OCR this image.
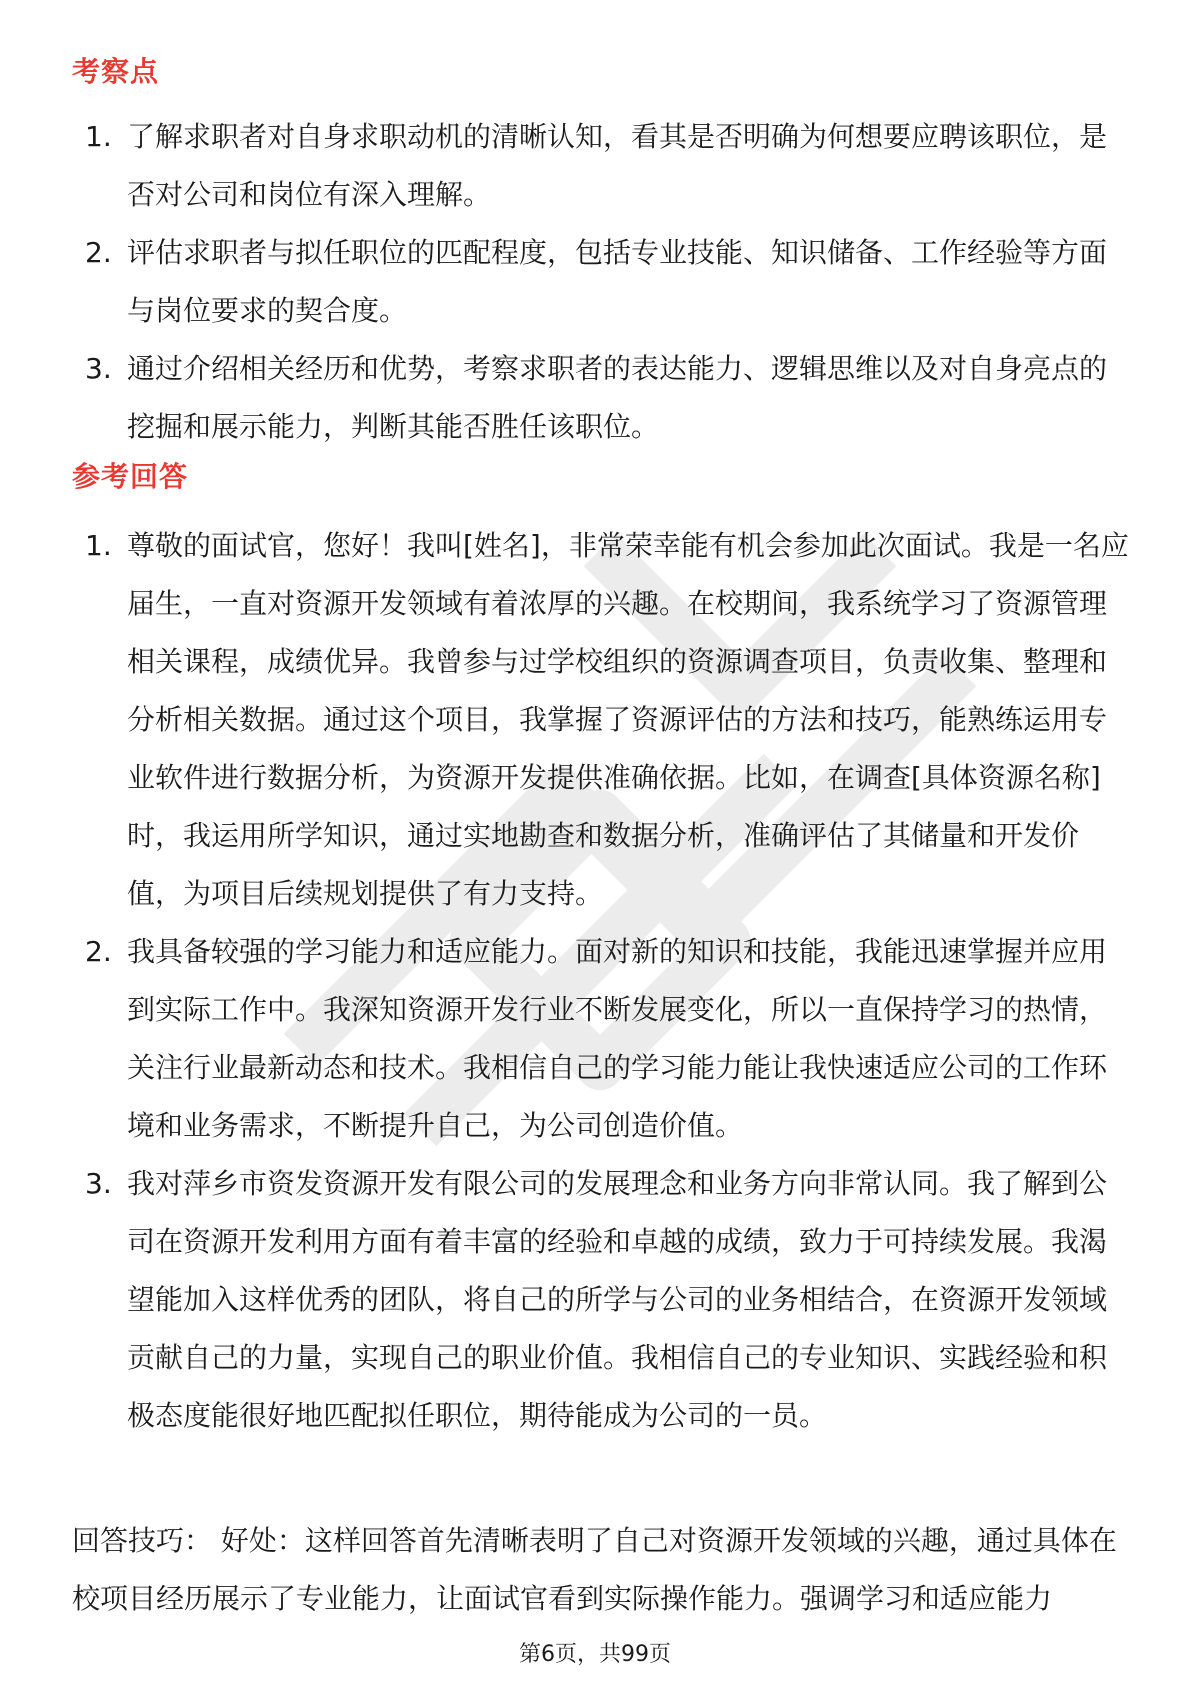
考察点
1. 了解求职者对自身求职动机的清晰认知，看其是否明确为何想要应聘该职位，是否对公司和岗位有深入理解。
2. 评估求职者与拟任职位的匹配程度，包括专业技能、知识储备、工作经验等方面与岗位要求的契合度。
3. 通过介绍相关经历和优势，考察求职者的表达能力、逻辑思维以及对自身亮点的挖掘和展示能力，判断其能否胜任该职位。
参考回答
1. 尊敬的面试官，您好！我叫[姓名]，非常荣幸能有机会参加此次面试。我是一名应届生，一直对资源开发领域有着浓厚的兴趣。在校期间，我系统学习了资源管理相关课程，成绩优异。我曾参与过学校组织的资源调查项目，负责收集、整理和分析相关数据。通过这个项目，我掌握了资源评估的方法和技巧，能熟练运用专业软件进行数据分析，为资源开发提供准确依据。比如，在调查[具体资源名称]时，我运用所学知识，通过实地勘查和数据分析，准确评估了其储量和开发价值，为项目后续规划提供了有力支持。
2. 我具备较强的学习能力和适应能力。面对新的知识和技能，我能迅速掌握并应用到实际工作中。我深知资源开发行业不断发展变化，所以一直保持学习的热情，关注行业最新动态和技术。我相信自己的学习能力能让我快速适应公司的工作环境和业务需求，不断提升自己，为公司创造价值。
3. 我对萍乡市资发资源开发有限公司的发展理念和业务方向非常认同。我了解到公司在资源开发利用方面有着丰富的经验和卓越的成绩，致力于可持续发展。我渴望能加入这样优秀的团队，将自己的所学与公司的业务相结合，在资源开发领域贡献自己的力量，实现自己的职业价值。我相信自己的专业知识、实践经验和积极态度能很好地匹配拟任职位，期待能成为公司的一员。
回答技巧： 好处：这样回答首先清晰表明了自己对资源开发领域的兴趣，通过具体在校项目经历展示了专业能力，让面试官看到实际操作能力。强调学习和适应能力
第6页，共99页
